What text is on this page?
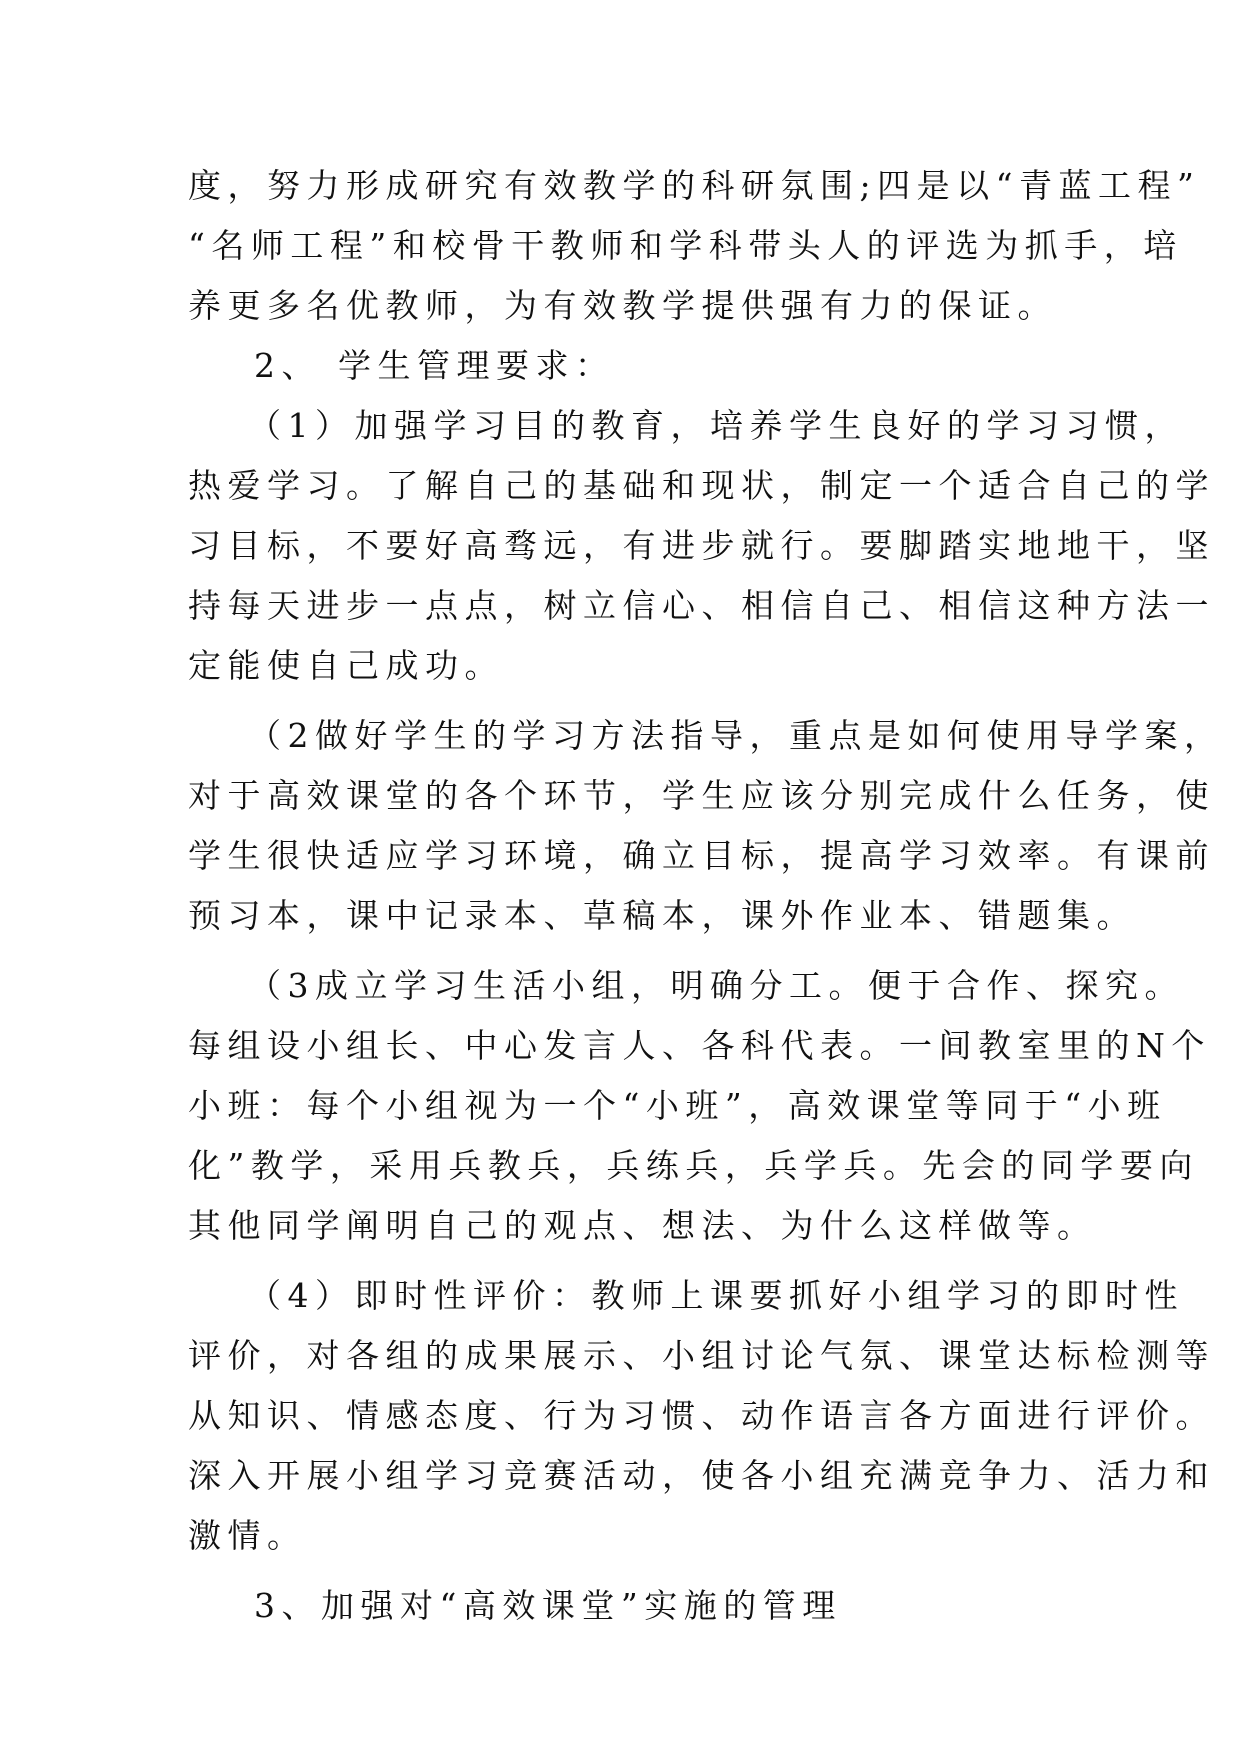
度，努力形成研究有效教学的科研氛围;四是以“青蓝工程”
“名师工程”和校骨干教师和学科带头人的评选为抓手，培
养更多名优教师，为有效教学提供强有力的保证。
2、 学生管理要求：
（1）加强学习目的教育，培养学生良好的学习习惯，
热爱学习。了解自己的基础和现状，制定一个适合自己的学
习目标，不要好高骛远，有进步就行。要脚踏实地地干，坚
持每天进步一点点，树立信心、相信自己、相信这种方法一
定能使自己成功。
（2做好学生的学习方法指导，重点是如何使用导学案，
对于高效课堂的各个环节，学生应该分别完成什么任务，使
学生很快适应学习环境，确立目标，提高学习效率。有课前
预习本，课中记录本、草稿本，课外作业本、错题集。
（3成立学习生活小组，明确分工。便于合作、探究。
每组设小组长、中心发言人、各科代表。一间教室里的N个
小班：每个小组视为一个“小班”，高效课堂等同于“小班
化”教学，采用兵教兵，兵练兵，兵学兵。先会的同学要向
其他同学阐明自己的观点、想法、为什么这样做等。
（4）即时性评价：教师上课要抓好小组学习的即时性
评价，对各组的成果展示、小组讨论气氛、课堂达标检测等
从知识、情感态度、行为习惯、动作语言各方面进行评价。
深入开展小组学习竞赛活动，使各小组充满竞争力、活力和
激情。
3、加强对“高效课堂”实施的管理
